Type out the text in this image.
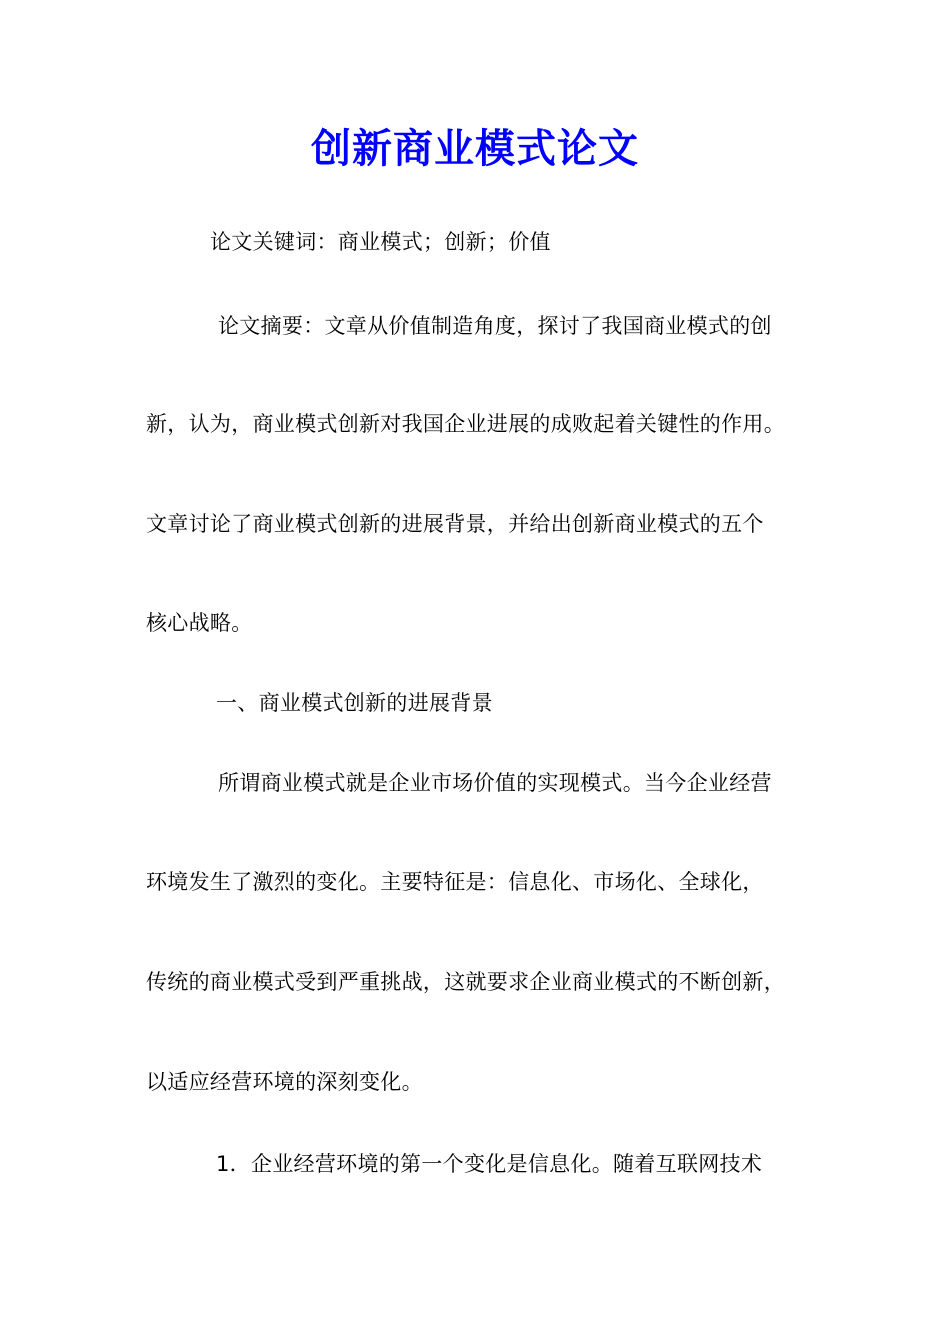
创新商业模式论文
论文关键词：商业模式；创新；价值
论文摘要：文章从价值制造角度，探讨了我国商业模式的创
新，认为，商业模式创新对我国企业进展的成败起着关键性的作用。
文章讨论了商业模式创新的进展背景，并给出创新商业模式的五个
核心战略。
一、商业模式创新的进展背景
所谓商业模式就是企业市场价值的实现模式。当今企业经营
环境发生了激烈的变化。主要特征是：信息化、市场化、全球化，
传统的商业模式受到严重挑战，这就要求企业商业模式的不断创新，
以适应经营环境的深刻变化。
1．企业经营环境的第一个变化是信息化。随着互联网技术
